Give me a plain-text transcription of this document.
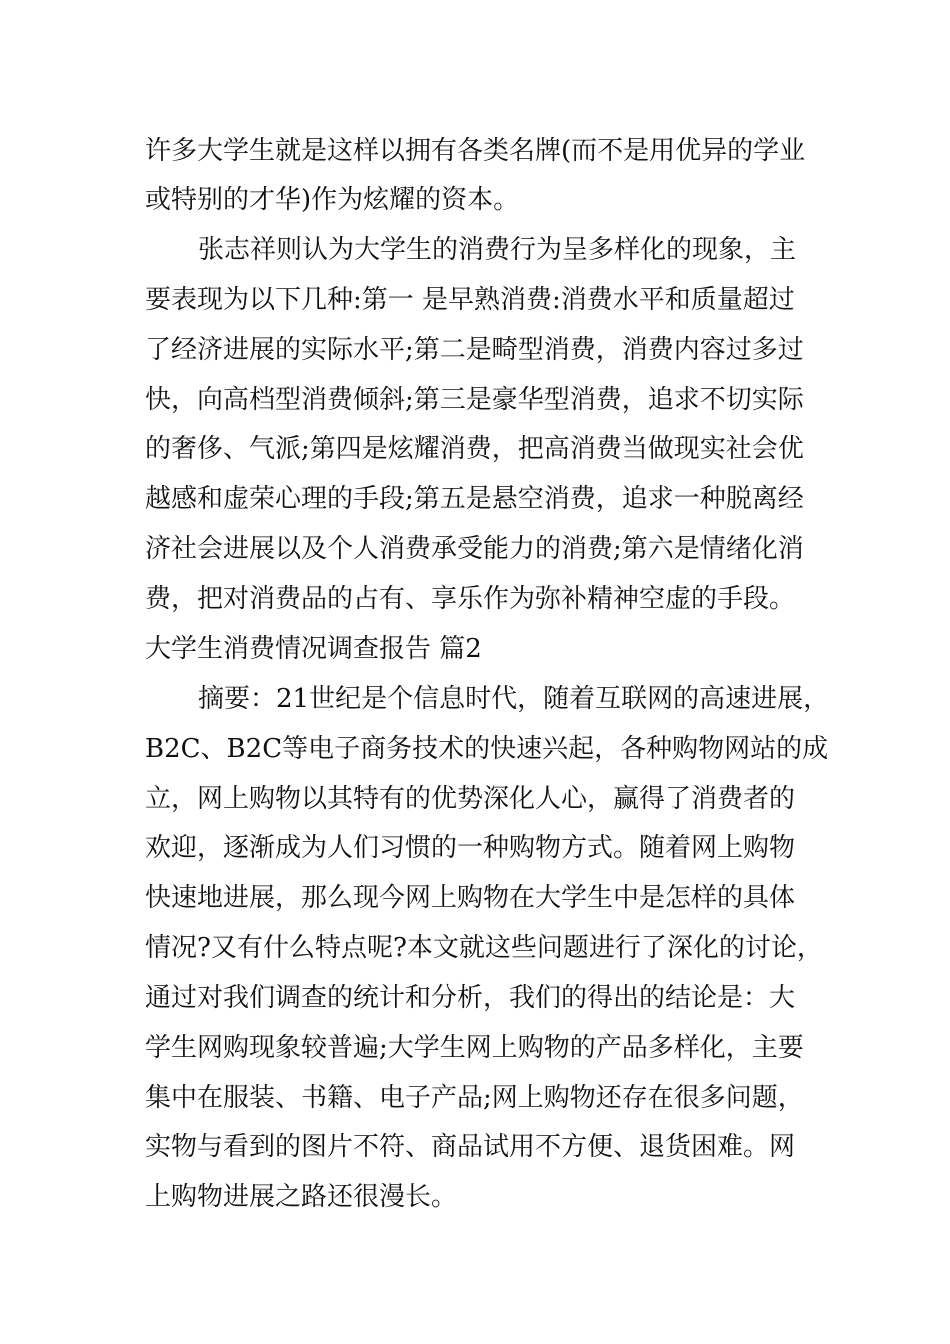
许多大学生就是这样以拥有各类名牌(而不是用优异的学业
或特别的才华)作为炫耀的资本。
张志祥则认为大学生的消费行为呈多样化的现象，主
要表现为以下几种:第一 是早熟消费:消费水平和质量超过
了经济进展的实际水平;第二是畸型消费，消费内容过多过
快，向高档型消费倾斜;第三是豪华型消费，追求不切实际
的奢侈、气派;第四是炫耀消费，把高消费当做现实社会优
越感和虚荣心理的手段;第五是悬空消费，追求一种脱离经
济社会进展以及个人消费承受能力的消费;第六是情绪化消
费，把对消费品的占有、享乐作为弥补精神空虚的手段。
大学生消费情况调查报告 篇2
摘要：21世纪是个信息时代，随着互联网的高速进展，
B2C、B2C等电子商务技术的快速兴起，各种购物网站的成
立，网上购物以其特有的优势深化人心，赢得了消费者的
欢迎，逐渐成为人们习惯的一种购物方式。随着网上购物
快速地进展，那么现今网上购物在大学生中是怎样的具体
情况?又有什么特点呢?本文就这些问题进行了深化的讨论，
通过对我们调查的统计和分析，我们的得出的结论是：大
学生网购现象较普遍;大学生网上购物的产品多样化，主要
集中在服装、书籍、电子产品;网上购物还存在很多问题，
实物与看到的图片不符、商品试用不方便、退货困难。网
上购物进展之路还很漫长。
